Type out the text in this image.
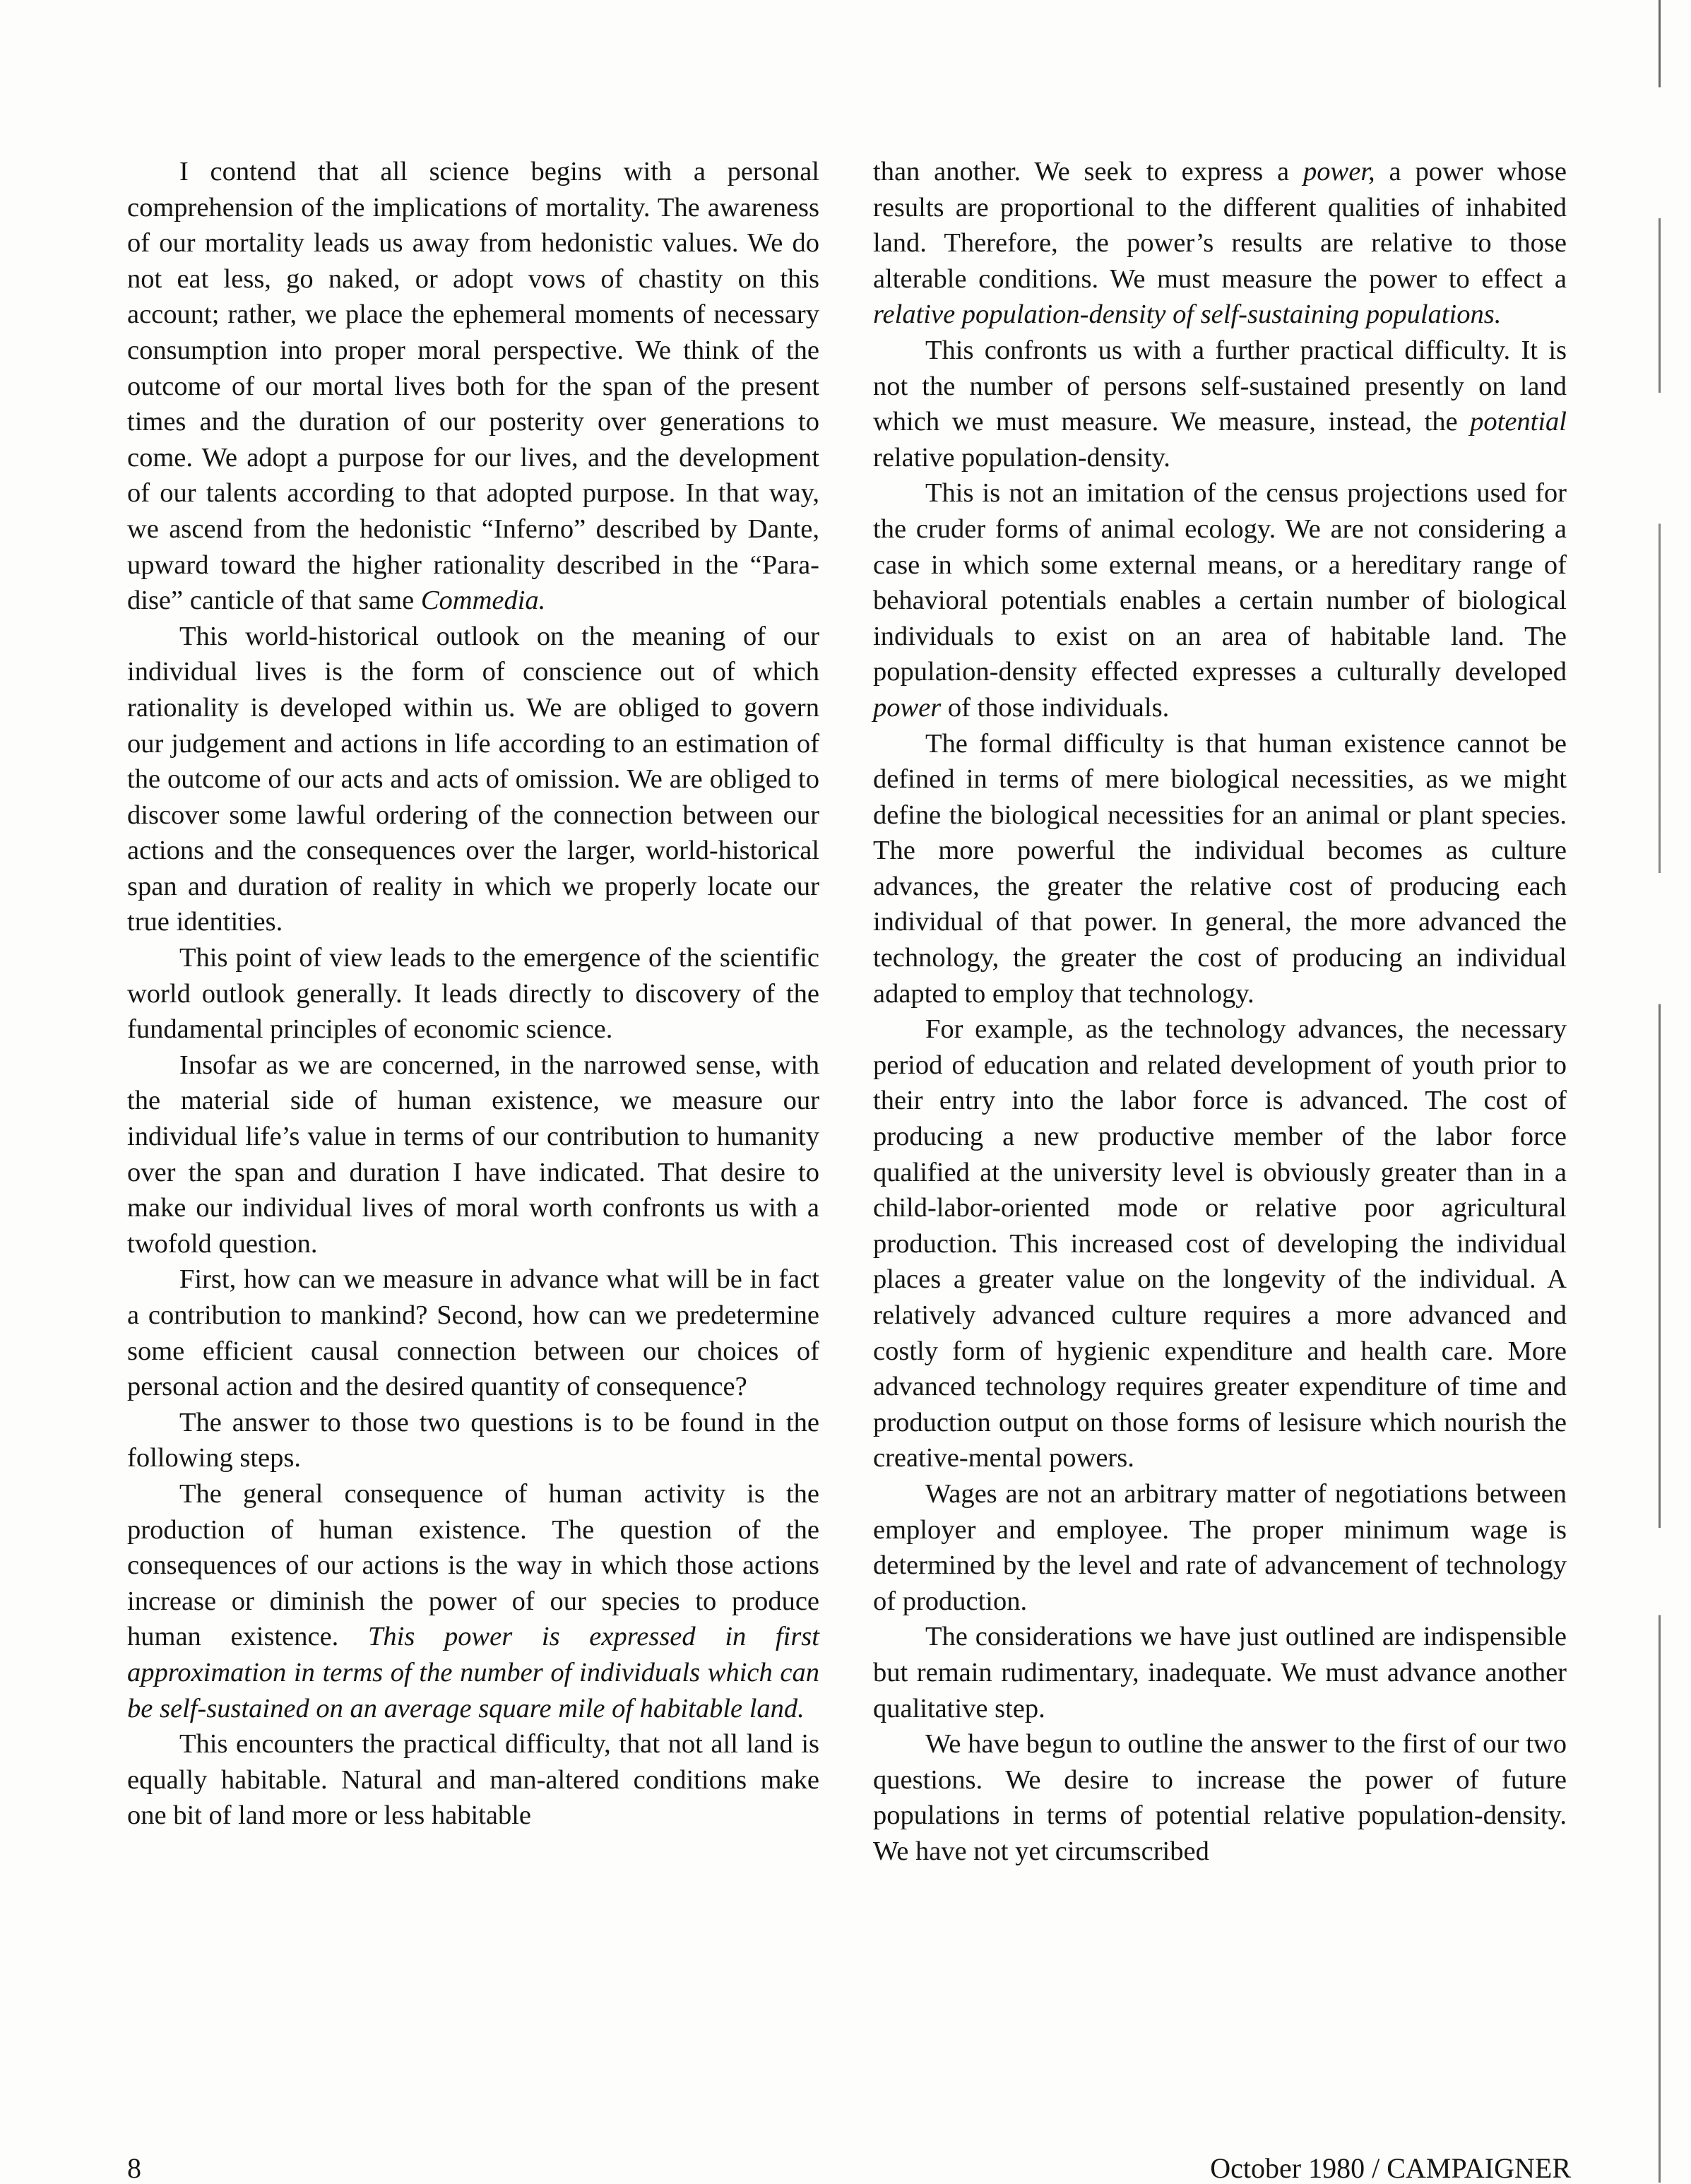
I contend that all science begins with a personal comprehension of the implications of mortality. The awareness of our mortality leads us away from hedonistic values. We do not eat less, go naked, or adopt vows of chastity on this account; rather, we place the ephemeral moments of necessary consumption into proper moral perspective. We think of the outcome of our mortal lives both for the span of the present times and the duration of our posterity over generations to come. We adopt a purpose for our lives, and the development of our talents according to that adopted purpose. In that way, we ascend from the hedonistic “Inferno” described by Dante, upward toward the higher rationality described in the “Paradise” canticle of that same Commedia.

This world-historical outlook on the meaning of our individual lives is the form of conscience out of which rationality is developed within us. We are obliged to govern our judgement and actions in life according to an estimation of the outcome of our acts and acts of omission. We are obliged to discover some lawful ordering of the connection between our actions and the consequences over the larger, world-historical span and duration of reality in which we properly locate our true identities.

This point of view leads to the emergence of the scientific world outlook generally. It leads directly to discovery of the fundamental principles of economic science.

Insofar as we are concerned, in the narrowed sense, with the material side of human existence, we measure our individual life’s value in terms of our contribution to humanity over the span and duration I have indicated. That desire to make our individual lives of moral worth confronts us with a twofold question.

First, how can we measure in advance what will be in fact a contribution to mankind? Second, how can we predetermine some efficient causal connection between our choices of personal action and the desired quantity of consequence?

The answer to those two questions is to be found in the following steps.

The general consequence of human activity is the production of human existence. The question of the consequences of our actions is the way in which those actions increase or diminish the power of our species to produce human existence. This power is expressed in first approximation in terms of the number of individuals which can be self-sustained on an average square mile of habitable land.

This encounters the practical difficulty, that not all land is equally habitable. Natural and man-altered conditions make one bit of land more or less habitable

than another. We seek to express a power, a power whose results are proportional to the different qualities of inhabited land. Therefore, the power’s results are relative to those alterable conditions. We must measure the power to effect a relative population-density of self-sustaining populations.

This confronts us with a further practical difficulty. It is not the number of persons self-sustained presently on land which we must measure. We measure, instead, the potential relative population-density.

This is not an imitation of the census projections used for the cruder forms of animal ecology. We are not considering a case in which some external means, or a hereditary range of behavioral potentials enables a certain number of biological individuals to exist on an area of habitable land. The population-density effected expresses a culturally developed power of those individuals.

The formal difficulty is that human existence cannot be defined in terms of mere biological necessities, as we might define the biological necessities for an animal or plant species. The more powerful the individual becomes as culture advances, the greater the relative cost of producing each individual of that power. In general, the more advanced the technology, the greater the cost of producing an individual adapted to employ that technology.

For example, as the technology advances, the necessary period of education and related development of youth prior to their entry into the labor force is advanced. The cost of producing a new productive member of the labor force qualified at the university level is obviously greater than in a child-labor-oriented mode or relative poor agricultural production. This increased cost of developing the individual places a greater value on the longevity of the individual. A relatively advanced culture requires a more advanced and costly form of hygienic expenditure and health care. More advanced technology requires greater expenditure of time and production output on those forms of lesisure which nourish the creative-mental powers.

Wages are not an arbitrary matter of negotiations between employer and employee. The proper minimum wage is determined by the level and rate of advancement of technology of production.

The considerations we have just outlined are indispensible but remain rudimentary, inadequate. We must advance another qualitative step.

We have begun to outline the answer to the first of our two questions. We desire to increase the power of future populations in terms of potential relative population-density. We have not yet circumscribed

8	October 1980 / CAMPAIGNER
